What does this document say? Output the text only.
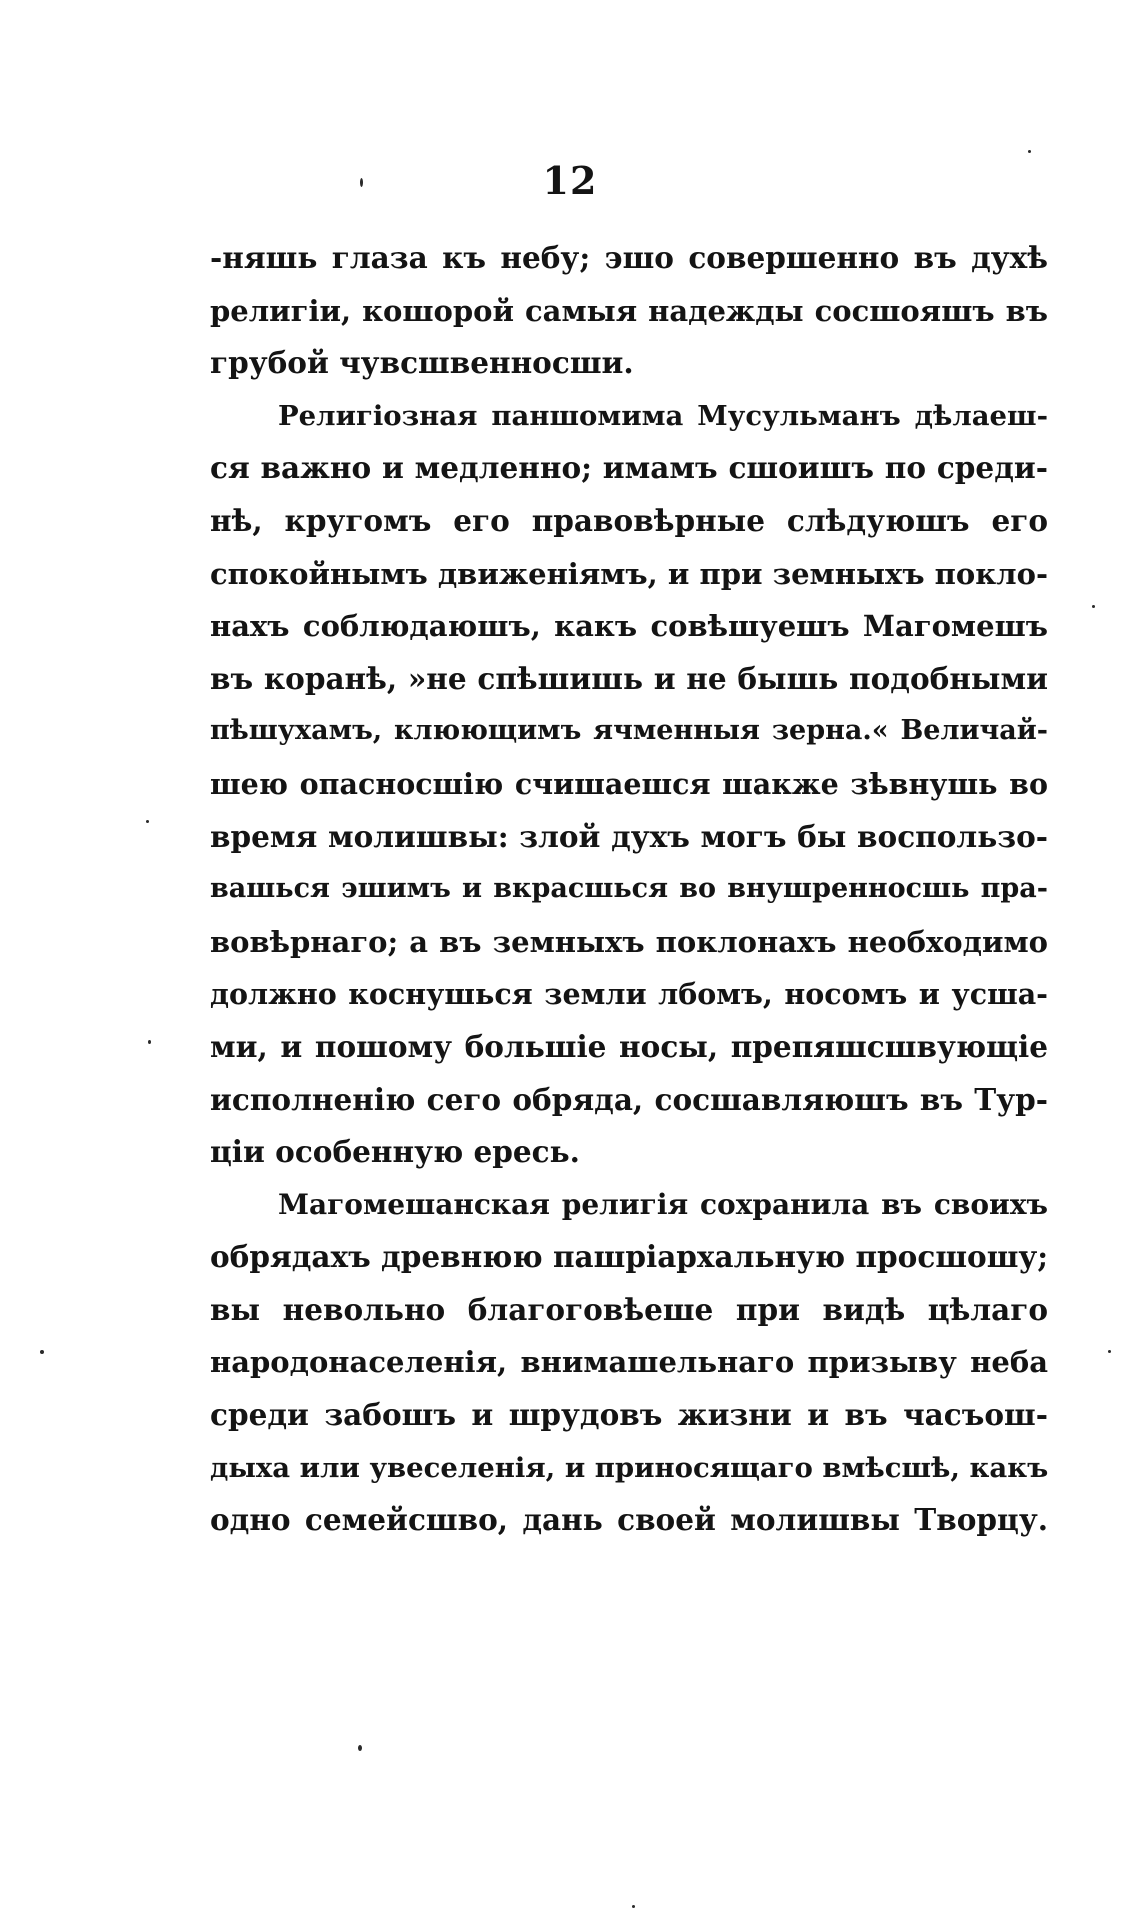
12
-няшь глаза къ небу; эшо совершенно въ духѣ
религіи, кошорой самыя надежды сосшояшъ въ
грубой чувсшвенносши.
Религіозная паншомима Мусульманъ дѣлаеш-
ся важно и медленно; имамъ сшоишъ по среди-
нѣ, кругомъ его правовѣрные слѣдуюшъ его
спокойнымъ движеніямъ, и при земныхъ покло-
нахъ соблюдаюшъ, какъ совѣшуешъ Магомешъ
въ коранѣ, »не спѣшишь и не бышь подобными
пѣшухамъ, клюющимъ ячменныя зерна.« Величай-
шею опасносшію счишаешся шакже зѣвнушь во
время молишвы: злой духъ могъ бы воспользо-
вашься эшимъ и вкрасшься во внушренносшь пра-
вовѣрнаго; а въ земныхъ поклонахъ необходимо
должно коснушься земли лбомъ, носомъ и усша-
ми, и пошому большіе носы, препяшсшвующіе
исполненію сего обряда, сосшавляюшъ въ Тур-
ціи особенную ересь.
Магомешанская религія сохранила въ своихъ
обрядахъ древнюю пашріархальную просшошу;
вы невольно благоговѣеше при видѣ цѣлаго
народонаселенія, внимашельнаго призыву неба
среди забошъ и шрудовъ жизни и въ часъош-
дыха или увеселенія, и приносящаго вмѣсшѣ, какъ
одно семейсшво, дань своей молишвы Творцу.
